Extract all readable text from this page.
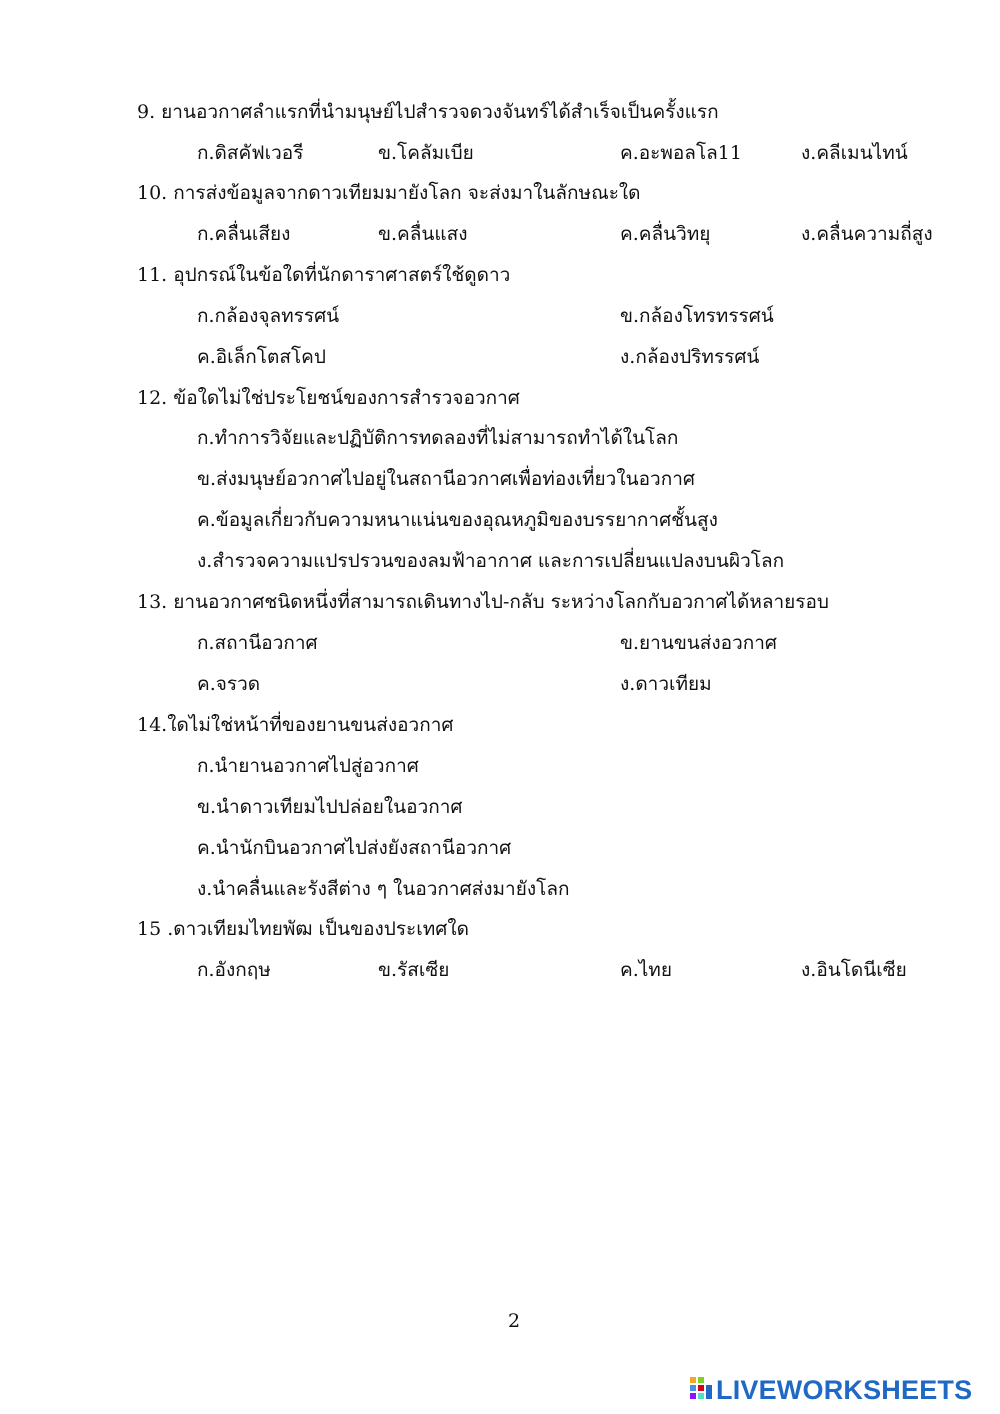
9. ยานอวกาศลำแรกที่นำมนุษย์ไปสำรวจดวงจันทร์ได้สำเร็จเป็นครั้งแรก
ก.ดิสคัฟเวอรี	ข.โคลัมเบีย	ค.อะพอลโล11	ง.คลีเมนไทน์
10. การส่งข้อมูลจากดาวเทียมมายังโลก จะส่งมาในลักษณะใด
ก.คลื่นเสียง	ข.คลื่นแสง	ค.คลื่นวิทยุ	ง.คลื่นความถี่สูง
11. อุปกรณ์ในข้อใดที่นักดาราศาสตร์ใช้ดูดาว
ก.กล้องจุลทรรศน์	ข.กล้องโทรทรรศน์
ค.อิเล็กโตสโคป	ง.กล้องปริทรรศน์
12. ข้อใดไม่ใช่ประโยชน์ของการสำรวจอวกาศ
ก.ทำการวิจัยและปฏิบัติการทดลองที่ไม่สามารถทำได้ในโลก
ข.ส่งมนุษย์อวกาศไปอยู่ในสถานีอวกาศเพื่อท่องเที่ยวในอวกาศ
ค.ข้อมูลเกี่ยวกับความหนาแน่นของอุณหภูมิของบรรยากาศชั้นสูง
ง.สำรวจความแปรปรวนของลมฟ้าอากาศ และการเปลี่ยนแปลงบนผิวโลก
13. ยานอวกาศชนิดหนึ่งที่สามารถเดินทางไป-กลับ ระหว่างโลกกับอวกาศได้หลายรอบ
ก.สถานีอวกาศ	ข.ยานขนส่งอวกาศ
ค.จรวด	ง.ดาวเทียม
14.ใดไม่ใช่หน้าที่ของยานขนส่งอวกาศ
ก.นำยานอวกาศไปสู่อวกาศ
ข.นำดาวเทียมไปปล่อยในอวกาศ
ค.นำนักบินอวกาศไปส่งยังสถานีอวกาศ
ง.นำคลื่นและรังสีต่าง ๆ ในอวกาศส่งมายังโลก
15 .ดาวเทียมไทยพัฒ เป็นของประเทศใด
ก.อังกฤษ	ข.รัสเซีย	ค.ไทย	ง.อินโดนีเซีย
2
LIVEWORKSHEETS
